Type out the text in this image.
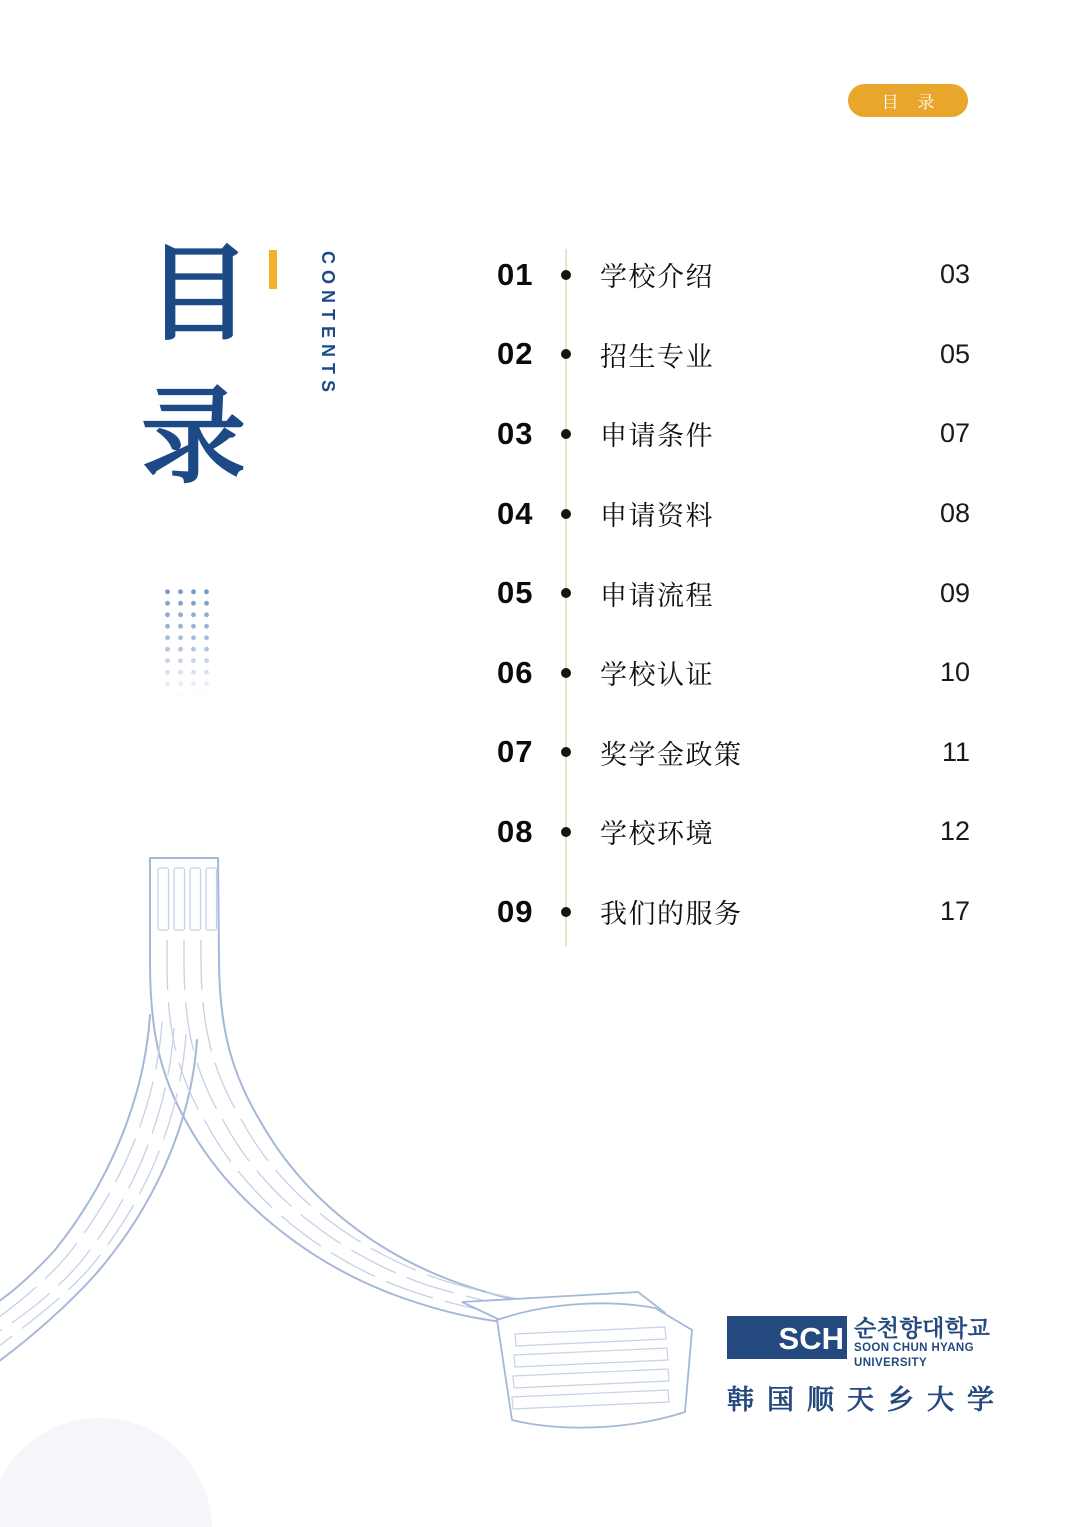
目 录
目
录
CONTENTS	01	学校介绍	03
02	招生专业	05
03	申请条件	07
04	申请资料	08
05	申请流程	09
06	学校认证	10
07	奖学金政策	11
08	学校环境	12
09	我们的服务	17
SCH 순천향대학교
SOON CHUN HYANG
UNIVERSITY
韩国顺天乡大学
